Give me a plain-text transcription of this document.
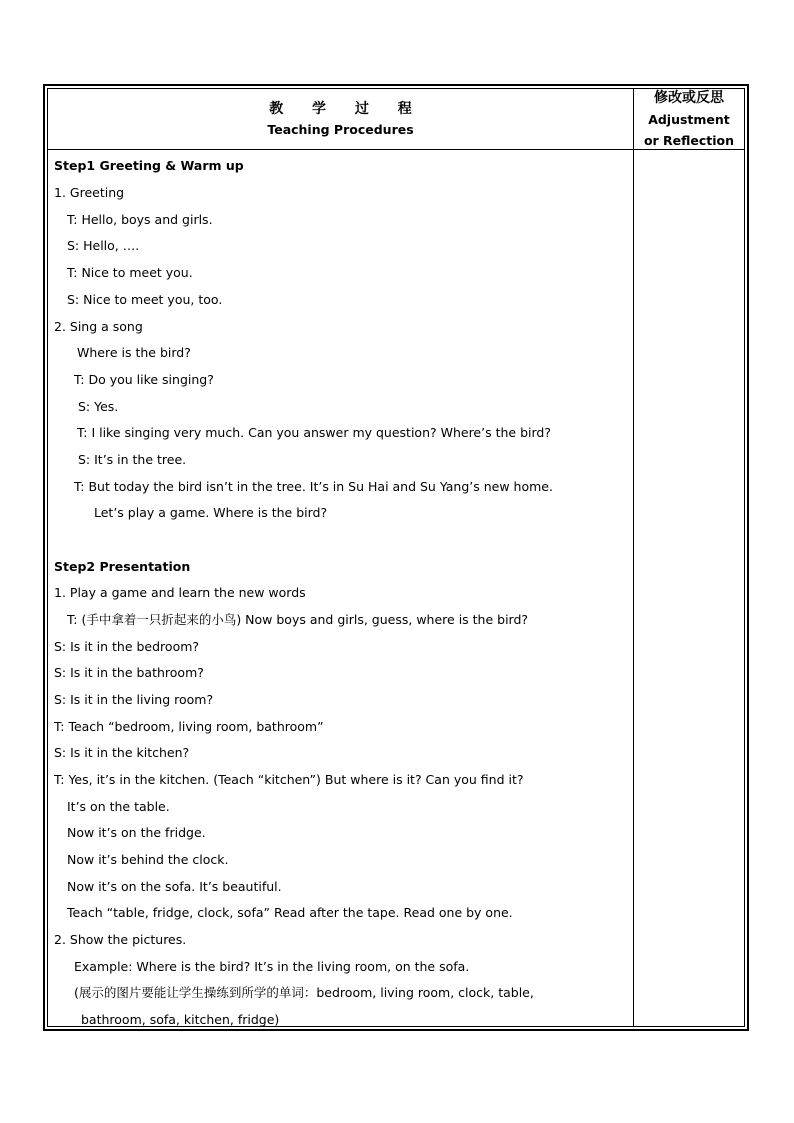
教 学 过 程
Teaching Procedures
修改或反思
Adjustment
or Reflection
Step1 Greeting & Warm up
1. Greeting
T: Hello, boys and girls.
S: Hello, ….
T: Nice to meet you.
S: Nice to meet you, too.
2. Sing a song
Where is the bird?
T: Do you like singing?
S: Yes.
T: I like singing very much. Can you answer my question? Where’s the bird?
S: It’s in the tree.
T: But today the bird isn’t in the tree. It’s in Su Hai and Su Yang’s new home.
Let’s play a game. Where is the bird?
Step2 Presentation
1. Play a game and learn the new words
T: (手中拿着一只折起来的小鸟) Now boys and girls, guess, where is the bird?
S: Is it in the bedroom?
S: Is it in the bathroom?
S: Is it in the living room?
T: Teach “bedroom, living room, bathroom”
S: Is it in the kitchen?
T: Yes, it’s in the kitchen. (Teach “kitchen”) But where is it? Can you find it?
It’s on the table.
Now it’s on the fridge.
Now it’s behind the clock.
Now it’s on the sofa. It’s beautiful.
Teach “table, fridge, clock, sofa” Read after the tape. Read one by one.
2. Show the pictures.
Example: Where is the bird? It’s in the living room, on the sofa.
(展示的图片要能让学生操练到所学的单词：bedroom, living room, clock, table,
bathroom, sofa, kitchen, fridge)
